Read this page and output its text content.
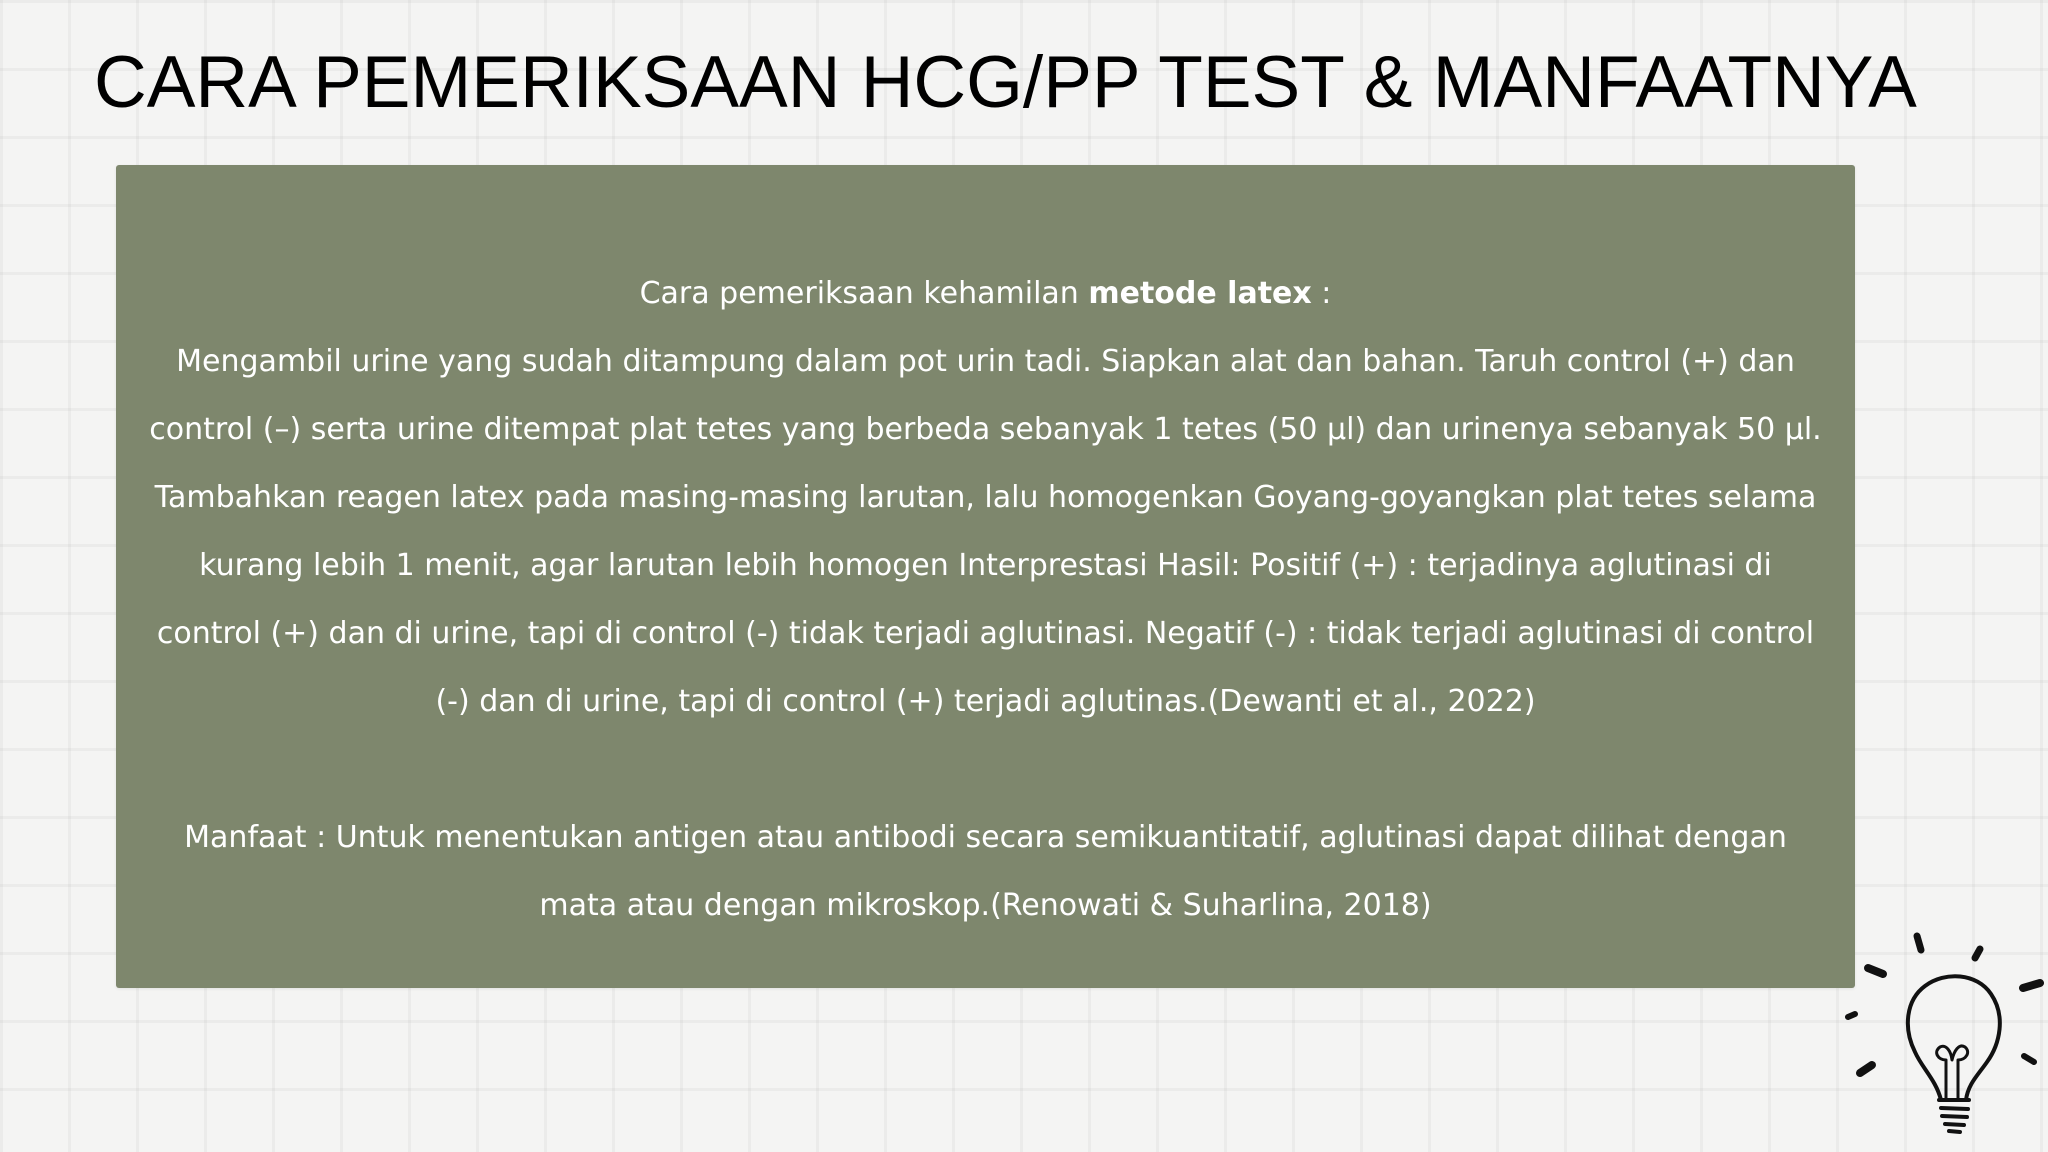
CARA PEMERIKSAAN HCG/PP TEST & MANFAATNYA

Cara pemeriksaan kehamilan metode latex :

Mengambil urine yang sudah ditampung dalam pot urin tadi. Siapkan alat dan bahan. Taruh control (+) dan control (–) serta urine ditempat plat tetes yang berbeda sebanyak 1 tetes (50 µl) dan urinenya sebanyak 50 µl. Tambahkan reagen latex pada masing-masing larutan, lalu homogenkan Goyang-goyangkan plat tetes selama kurang lebih 1 menit, agar larutan lebih homogen Interprestasi Hasil: Positif (+) : terjadinya aglutinasi di control (+) dan di urine, tapi di control (-) tidak terjadi aglutinasi. Negatif (-) : tidak terjadi aglutinasi di control (-) dan di urine, tapi di control (+) terjadi aglutinas.(Dewanti et al., 2022)

Manfaat : Untuk menentukan antigen atau antibodi secara semikuantitatif, aglutinasi dapat dilihat dengan mata atau dengan mikroskop.(Renowati & Suharlina, 2018)
